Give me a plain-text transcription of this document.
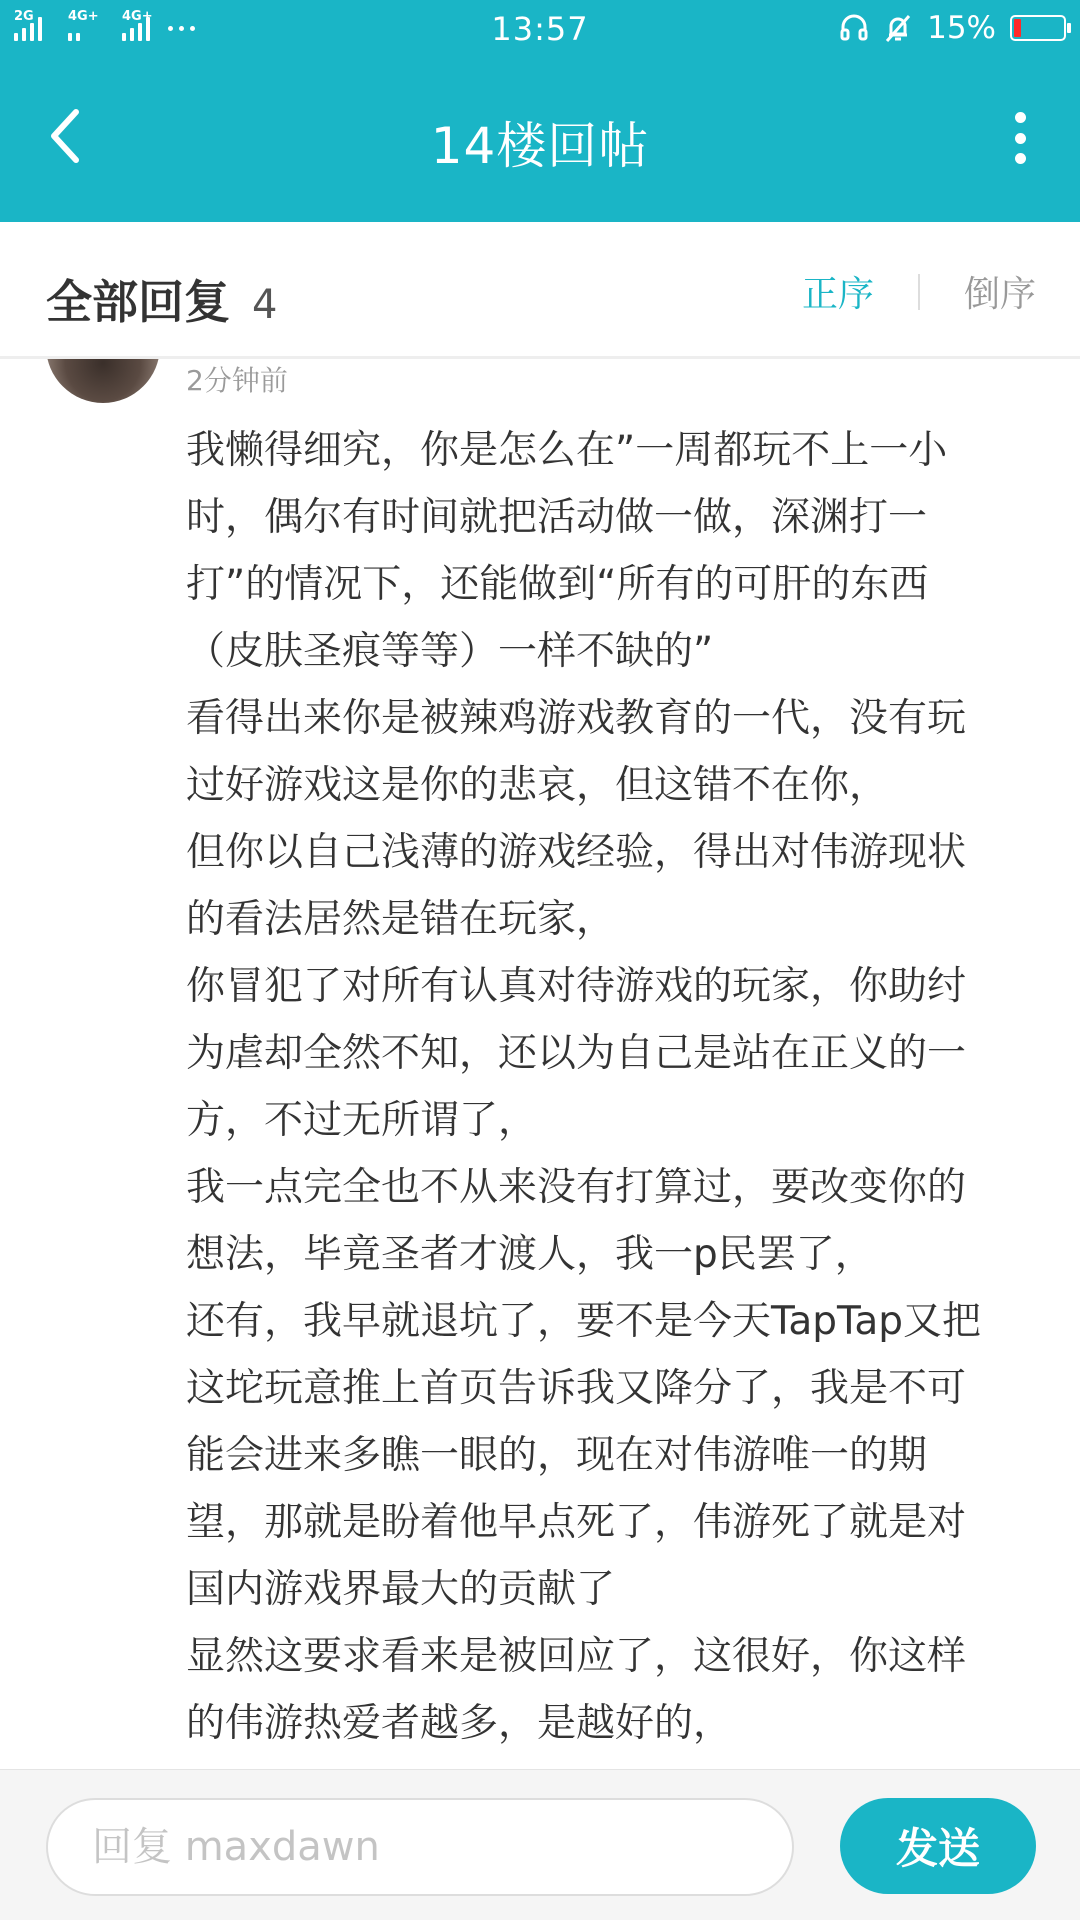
2G	4G+ 4G+	13:57	15%
14楼回帖
全部回复 4	正序	倒序
2分钟前

我懒得细究，你是怎么在”一周都玩不上一小

时，偶尔有时间就把活动做一做，深渊打一

打”的情况下，还能做到“所有的可肝的东西

（皮肤圣痕等等）一样不缺的”

看得出来你是被辣鸡游戏教育的一代，没有玩

过好游戏这是你的悲哀，但这错不在你，

但你以自己浅薄的游戏经验，得出对伟游现状

的看法居然是错在玩家，

你冒犯了对所有认真对待游戏的玩家，你助纣

为虐却全然不知，还以为自己是站在正义的一

方，不过无所谓了，

我一点完全也不从来没有打算过，要改变你的

想法，毕竟圣者才渡人，我一p民罢了，

还有，我早就退坑了，要不是今天TapTap又把

这坨玩意推上首页告诉我又降分了，我是不可

能会进来多瞧一眼的，现在对伟游唯一的期

望，那就是盼着他早点死了，伟游死了就是对

国内游戏界最大的贡献了

显然这要求看来是被回应了，这很好，你这样

的伟游热爱者越多，是越好的，

回复 maxdawn
发送
